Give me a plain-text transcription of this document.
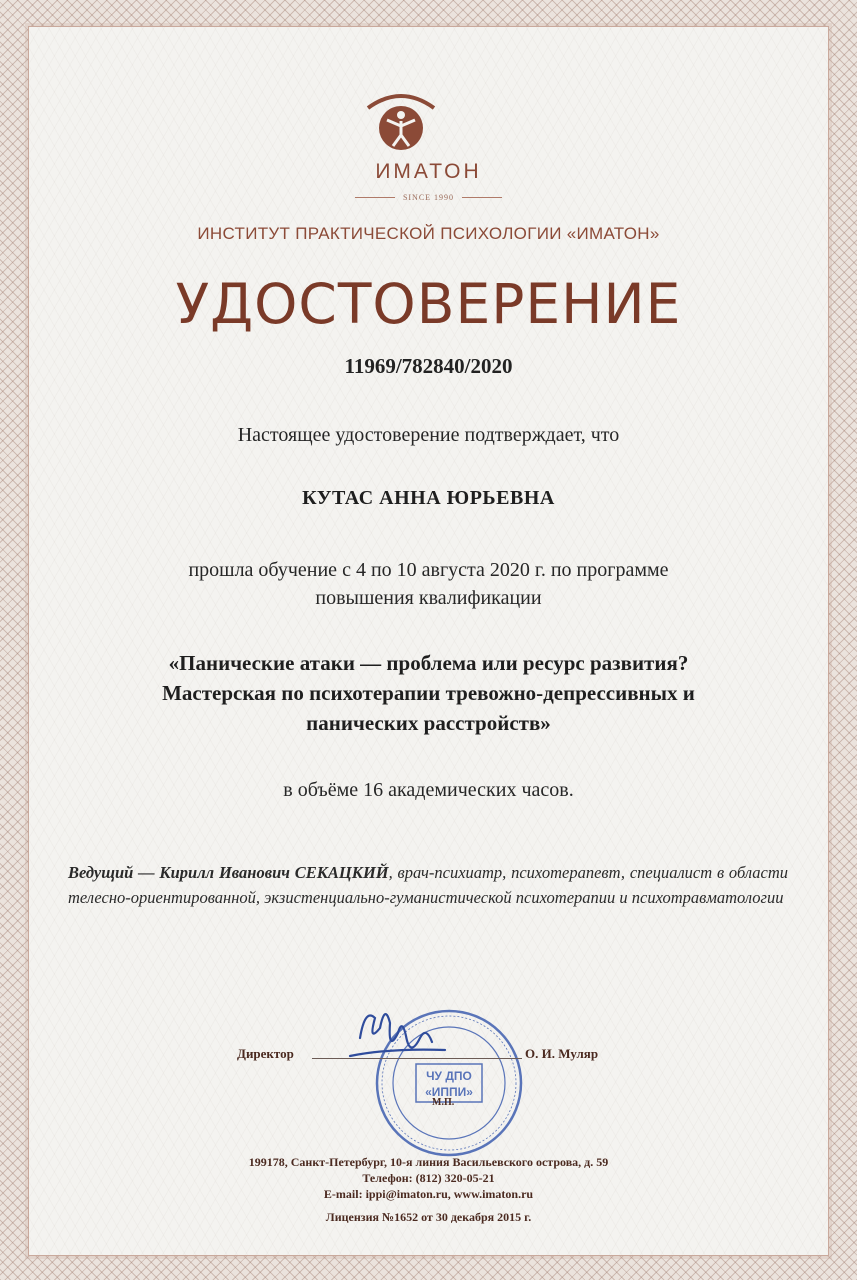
ИМАТОН
SINCE 1990
ИНСТИТУТ ПРАКТИЧЕСКОЙ ПСИХОЛОГИИ «ИМАТОН»
УДОСТОВЕРЕНИЕ
11969/782840/2020
Настоящее удостоверение подтверждает, что
КУТАС АННА ЮРЬЕВНА
прошла обучение с 4 по 10 августа 2020 г. по программе
повышения квалификации
«Панические атаки — проблема или ресурс развития?
Мастерская по психотерапии тревожно-депрессивных и
панических расстройств»
в объёме 16 академических часов.
Ведущий — Кирилл Иванович СЕКАЦКИЙ, врач-психиатр, психотерапевт, специалист в области телесно-ориентированной, экзистенциально-гуманистической психотерапии и психотравматологии
ЧУ ДПО
«ИППИ»
Директор	О. И. Муляр
М.П.
199178, Санкт-Петербург, 10-я линия Васильевского острова, д. 59
Телефон: (812) 320-05-21
E-mail: ippi@imaton.ru, www.imaton.ru
Лицензия №1652 от 30 декабря 2015 г.
